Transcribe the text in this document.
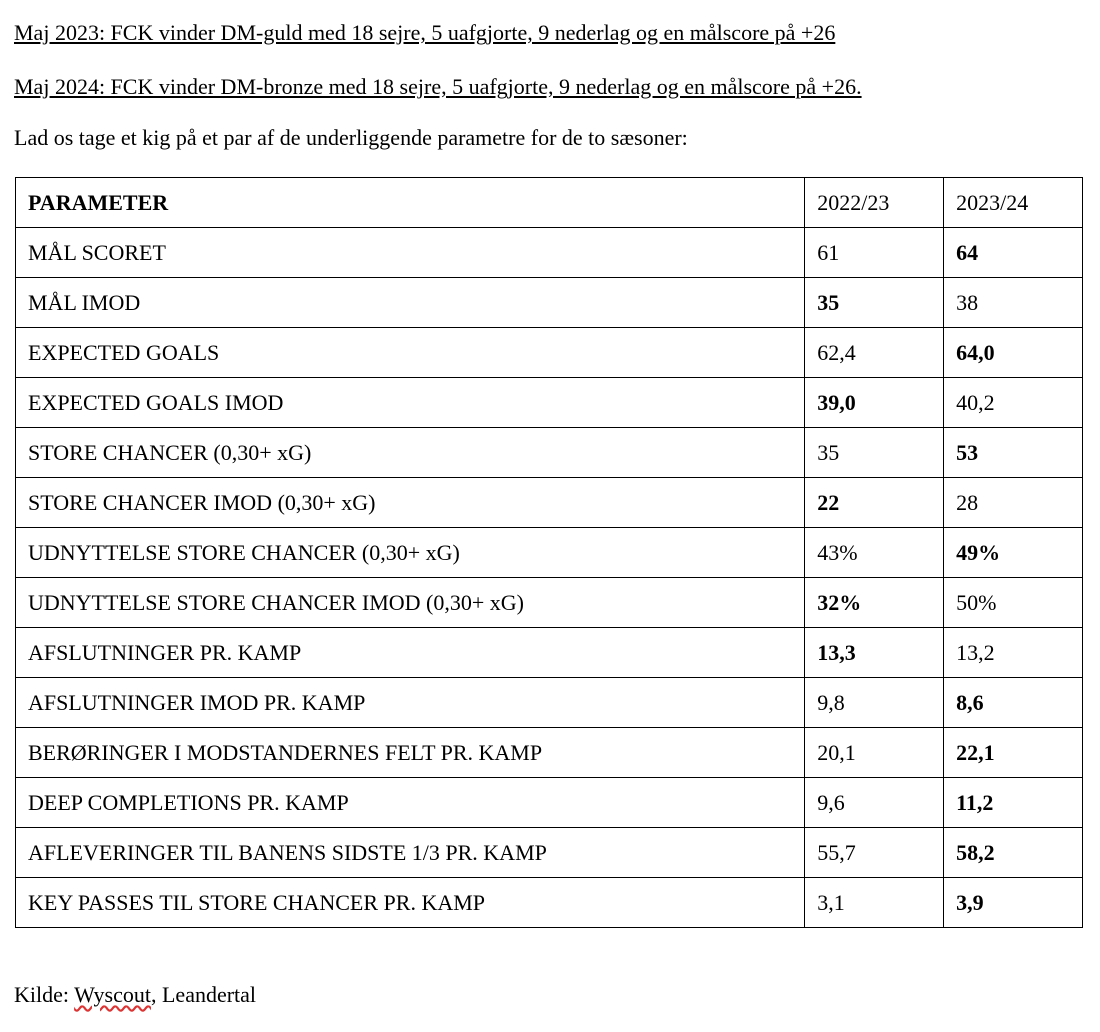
Maj 2023: FCK vinder DM-guld med 18 sejre, 5 uafgjorte, 9 nederlag og en målscore på +26
Maj 2024: FCK vinder DM-bronze med 18 sejre, 5 uafgjorte, 9 nederlag og en målscore på +26.
Lad os tage et kig på et par af de underliggende parametre for de to sæsoner:
PARAMETER	2022/23	2023/24
MÅL SCORET	61	64
MÅL IMOD	35	38
EXPECTED GOALS	62,4	64,0
EXPECTED GOALS IMOD	39,0	40,2
STORE CHANCER (0,30+ xG)	35	53
STORE CHANCER IMOD (0,30+ xG)	22	28
UDNYTTELSE STORE CHANCER (0,30+ xG)	43%	49%
UDNYTTELSE STORE CHANCER IMOD (0,30+ xG)	32%	50%
AFSLUTNINGER PR. KAMP	13,3	13,2
AFSLUTNINGER IMOD PR. KAMP	9,8	8,6
BERØRINGER I MODSTANDERNES FELT PR. KAMP	20,1	22,1
DEEP COMPLETIONS PR. KAMP	9,6	11,2
AFLEVERINGER TIL BANENS SIDSTE 1/3 PR. KAMP	55,7	58,2
KEY PASSES TIL STORE CHANCER PR. KAMP	3,1	3,9
Kilde: Wyscout, Leandertal
